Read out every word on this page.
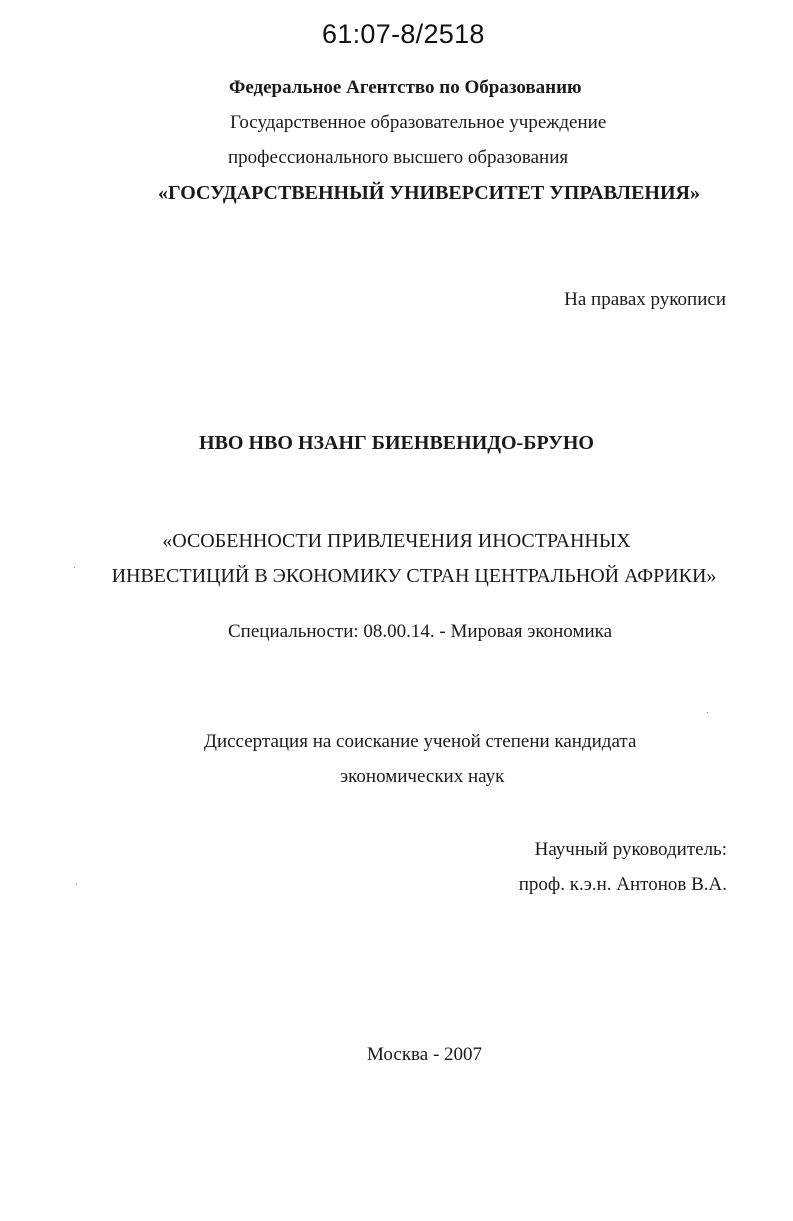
61:07-8/2518
Федеральное Агентство по Образованию
Государственное образовательное учреждение
профессионального высшего образования
«ГОСУДАРСТВЕННЫЙ УНИВЕРСИТЕТ УПРАВЛЕНИЯ»
На правах рукописи
НВО НВО НЗАНГ БИЕНВЕНИДО-БРУНО
«ОСОБЕННОСТИ ПРИВЛЕЧЕНИЯ ИНОСТРАННЫХ
ИНВЕСТИЦИЙ В ЭКОНОМИКУ СТРАН ЦЕНТРАЛЬНОЙ АФРИКИ»
Специальности: 08.00.14. - Мировая экономика
Диссертация на соискание ученой степени кандидата
экономических наук
Научный руководитель:
проф. к.э.н. Антонов В.А.
Москва - 2007
